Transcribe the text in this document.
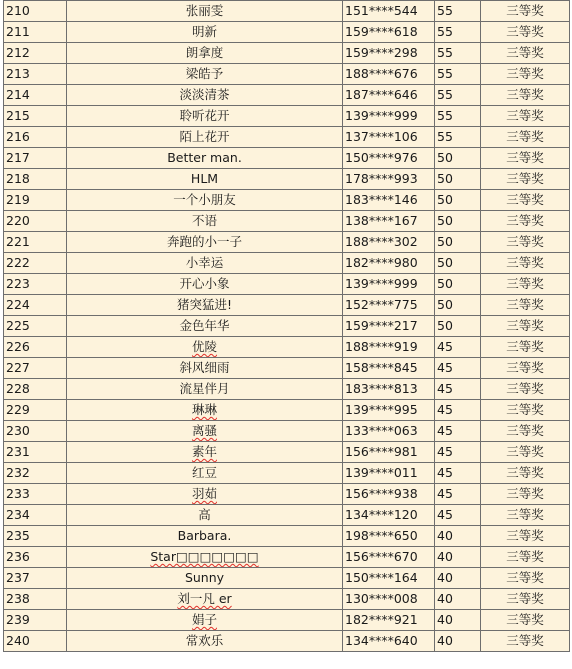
210	张丽雯	151****544	55	三等奖
211	明新	159****618	55	三等奖
212	朗拿度	159****298	55	三等奖
213	梁皓予	188****676	55	三等奖
214	淡淡清茶	187****646	55	三等奖
215	聆听花开	139****999	55	三等奖
216	陌上花开	137****106	55	三等奖
217	Better man.	150****976	50	三等奖
218	HLM	178****993	50	三等奖
219	一个小朋友	183****146	50	三等奖
220	不语	138****167	50	三等奖
221	奔跑的小一子	188****302	50	三等奖
222	小幸运	182****980	50	三等奖
223	开心小象	139****999	50	三等奖
224	猪突猛进!	152****775	50	三等奖
225	金色年华	159****217	50	三等奖
226	优陵	188****919	45	三等奖
227	斜风细雨	158****845	45	三等奖
228	流星伴月	183****813	45	三等奖
229	琳琳	139****995	45	三等奖
230	离骚	133****063	45	三等奖
231	素年	156****981	45	三等奖
232	红豆	139****011	45	三等奖
233	羽茹	156****938	45	三等奖
234	高	134****120	45	三等奖
235	Barbara.	198****650	40	三等奖
236	Star□□□□□□□	156****670	40	三等奖
237	Sunny	150****164	40	三等奖
238	刘一凡 er	130****008	40	三等奖
239	娟子	182****921	40	三等奖
240	常欢乐	134****640	40	三等奖
